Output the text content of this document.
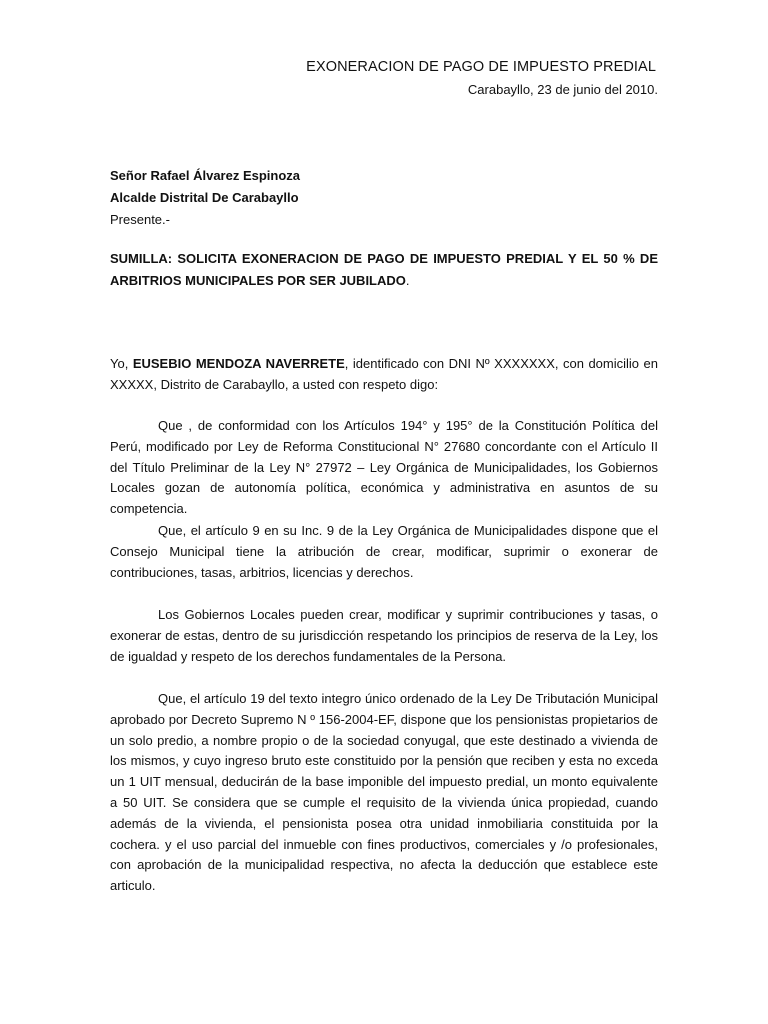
EXONERACION DE PAGO DE IMPUESTO PREDIAL
Carabayllo, 23 de junio del 2010.
Señor Rafael Álvarez Espinoza
Alcalde Distrital De Carabayllo
Presente.-
SUMILLA: SOLICITA EXONERACION DE PAGO DE IMPUESTO PREDIAL Y EL 50 % DE ARBITRIOS MUNICIPALES POR SER JUBILADO.

Yo, EUSEBIO MENDOZA NAVERRETE, identificado con DNI Nº XXXXXXX, con domicilio en XXXXX, Distrito de Carabayllo, a usted con respeto digo:

Que , de conformidad con los Artículos 194° y 195° de la Constitución Política del Perú, modificado por Ley de Reforma Constitucional N° 27680 concordante con el Artículo II del Título Preliminar de la Ley N° 27972 – Ley Orgánica de Municipalidades, los Gobiernos Locales gozan de autonomía política, económica y administrativa en asuntos de su competencia.

Que, el artículo 9 en su Inc. 9 de la Ley Orgánica de Municipalidades dispone que el Consejo Municipal tiene la atribución de crear, modificar, suprimir o exonerar de contribuciones, tasas, arbitrios, licencias y derechos.

Los Gobiernos Locales pueden crear, modificar y suprimir contribuciones y tasas, o exonerar de estas, dentro de su jurisdicción respetando los principios de reserva de la Ley, los de igualdad y respeto de los derechos fundamentales de la Persona.

Que, el artículo 19 del texto integro único ordenado de la Ley De Tributación Municipal aprobado por Decreto Supremo N º 156-2004-EF, dispone que los pensionistas propietarios de un solo predio, a nombre propio o de la sociedad conyugal, que este destinado a vivienda de los mismos, y cuyo ingreso bruto este constituido por la pensión que reciben y esta no exceda un 1 UIT mensual, deducirán de la base imponible del impuesto predial, un monto equivalente a 50 UIT. Se considera que se cumple el requisito de la vivienda única propiedad, cuando además de la vivienda, el pensionista posea otra unidad inmobiliaria constituida por la cochera. y el uso parcial del inmueble con fines productivos, comerciales y /o profesionales, con aprobación de la municipalidad respectiva, no afecta la deducción que establece este articulo.
